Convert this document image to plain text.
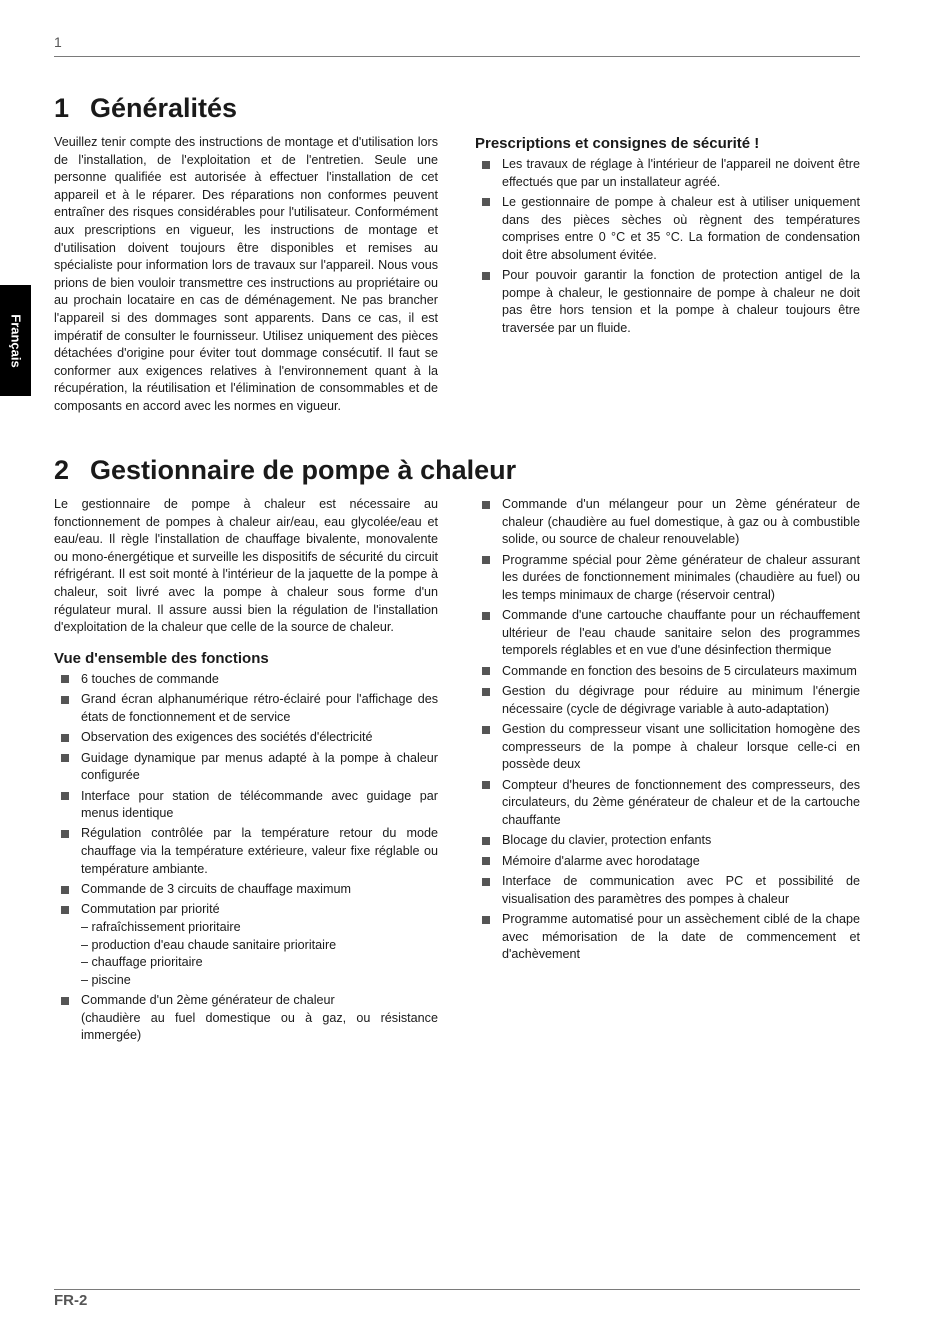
1
Français
1 Généralités

Veuillez tenir compte des instructions de montage et d'utilisation lors de l'installation, de l'exploitation et de l'entretien. Seule une personne qualifiée est autorisée à effectuer l'installation de cet appareil et à le réparer. Des réparations non conformes peuvent entraîner des risques considérables pour l'utilisateur. Conformément aux prescriptions en vigueur, les instructions de montage et d'utilisation doivent toujours être disponibles et remises au spécialiste pour information lors de travaux sur l'appareil. Nous vous prions de bien vouloir transmettre ces instructions au propriétaire ou au prochain locataire en cas de déménagement. Ne pas brancher l'appareil si des dommages sont apparents. Dans ce cas, il est impératif de consulter le fournisseur. Utilisez uniquement des pièces détachées d'origine pour éviter tout dommage consécutif. Il faut se conformer aux exigences relatives à l'environnement quant à la récupération, la réutilisation et l'élimination de consommables et de composants en accord avec les normes en vigueur.

Prescriptions et consignes de sécurité !
Les travaux de réglage à l'intérieur de l'appareil ne doivent être effectués que par un installateur agréé.
Le gestionnaire de pompe à chaleur est à utiliser uniquement dans des pièces sèches où règnent des températures comprises entre 0 °C et 35 °C. La formation de condensation doit être absolument évitée.
Pour pouvoir garantir la fonction de protection antigel de la pompe à chaleur, le gestionnaire de pompe à chaleur ne doit pas être hors tension et la pompe à chaleur toujours être traversée par un fluide.
2 Gestionnaire de pompe à chaleur

Le gestionnaire de pompe à chaleur est nécessaire au fonctionnement de pompes à chaleur air/eau, eau glycolée/eau et eau/eau. Il règle l'installation de chauffage bivalente, monovalente ou mono-énergétique et surveille les dispositifs de sécurité du circuit réfrigérant. Il est soit monté à l'intérieur de la jaquette de la pompe à chaleur, soit livré avec la pompe à chaleur sous forme d'un régulateur mural. Il assure aussi bien la régulation de l'installation d'exploitation de la chaleur que celle de la source de chaleur.

Vue d'ensemble des fonctions
6 touches de commande
Grand écran alphanumérique rétro-éclairé pour l'affichage des états de fonctionnement et de service
Observation des exigences des sociétés d'électricité
Guidage dynamique par menus adapté à la pompe à chaleur configurée
Interface pour station de télécommande avec guidage par menus identique
Régulation contrôlée par la température retour du mode chauffage via la température extérieure, valeur fixe réglable ou température ambiante.
Commande de 3 circuits de chauffage maximum
Commutation par priorité
– rafraîchissement prioritaire
– production d'eau chaude sanitaire prioritaire
– chauffage prioritaire
– piscine
Commande d'un 2ème générateur de chaleur
(chaudière au fuel domestique ou à gaz, ou résistance immergée)
Commande d'un mélangeur pour un 2ème générateur de chaleur (chaudière au fuel domestique, à gaz ou à combustible solide, ou source de chaleur renouvelable)
Programme spécial pour 2ème générateur de chaleur assurant les durées de fonctionnement minimales (chaudière au fuel) ou les temps minimaux de charge (réservoir central)
Commande d'une cartouche chauffante pour un réchauffement ultérieur de l'eau chaude sanitaire selon des programmes temporels réglables et en vue d'une désinfection thermique
Commande en fonction des besoins de 5 circulateurs maximum
Gestion du dégivrage pour réduire au minimum l'énergie nécessaire (cycle de dégivrage variable à auto-adaptation)
Gestion du compresseur visant une sollicitation homogène des compresseurs de la pompe à chaleur lorsque celle-ci en possède deux
Compteur d'heures de fonctionnement des compresseurs, des circulateurs, du 2ème générateur de chaleur et de la cartouche chauffante
Blocage du clavier, protection enfants
Mémoire d'alarme avec horodatage
Interface de communication avec PC et possibilité de visualisation des paramètres des pompes à chaleur
Programme automatisé pour un assèchement ciblé de la chape avec mémorisation de la date de commencement et d'achèvement
FR-2
